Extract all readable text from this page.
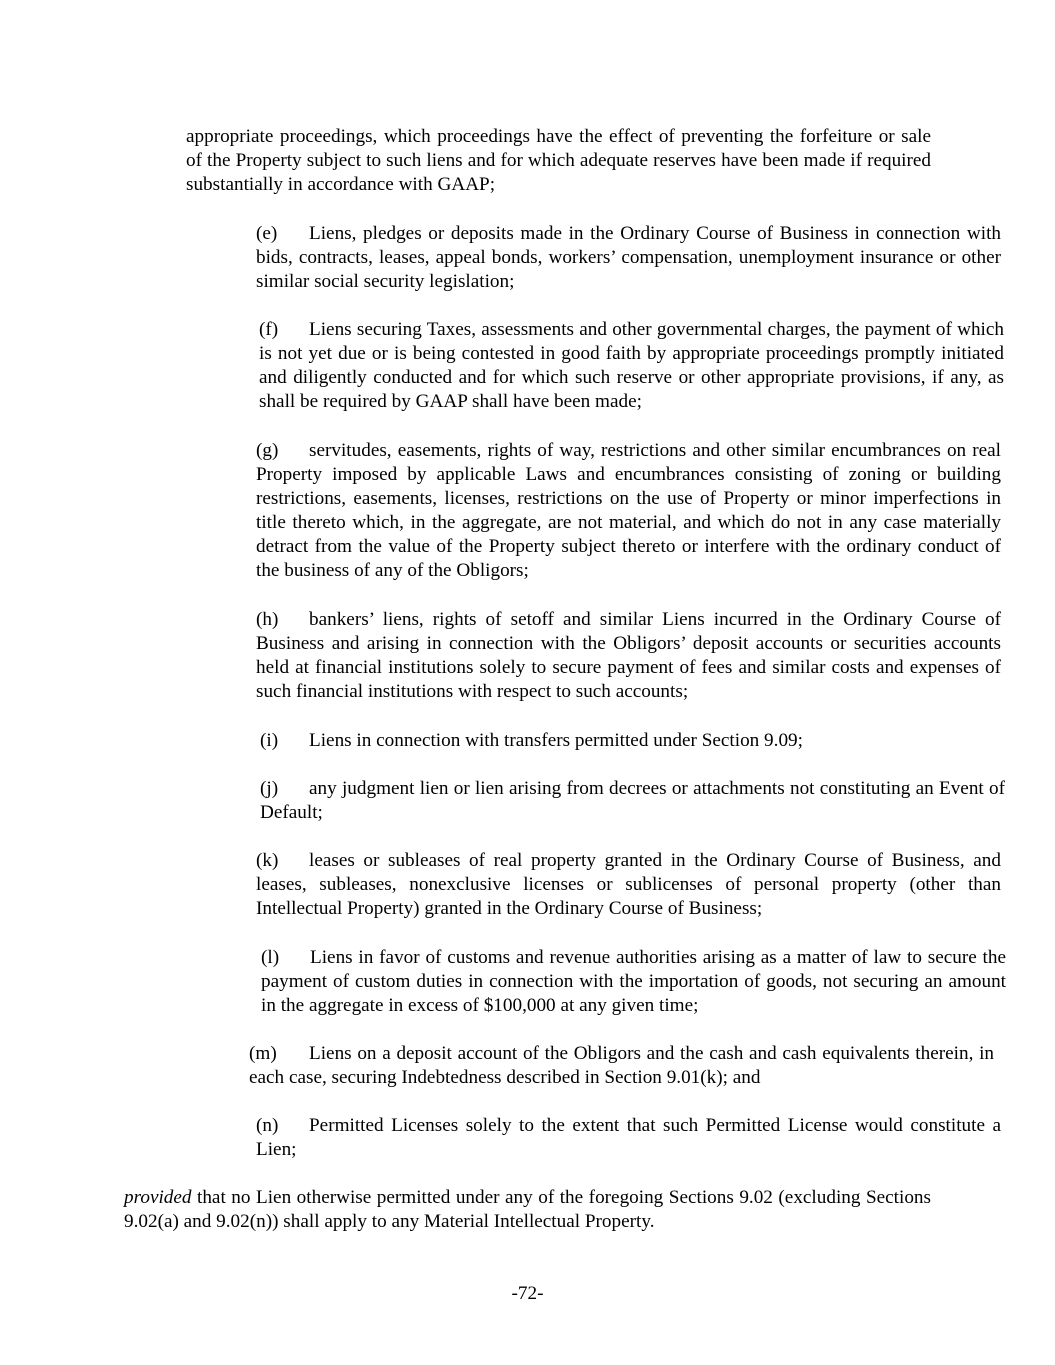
appropriate proceedings, which proceedings have the effect of preventing the forfeiture or sale of the Property subject to such liens and for which adequate reserves have been made if required substantially in accordance with GAAP;

(e) Liens, pledges or deposits made in the Ordinary Course of Business in connection with bids, contracts, leases, appeal bonds, workers’ compensation, unemployment insurance or other similar social security legislation;

(f) Liens securing Taxes, assessments and other governmental charges, the payment of which is not yet due or is being contested in good faith by appropriate proceedings promptly initiated and diligently conducted and for which such reserve or other appropriate provisions, if any, as shall be required by GAAP shall have been made;

(g) servitudes, easements, rights of way, restrictions and other similar encumbrances on real Property imposed by applicable Laws and encumbrances consisting of zoning or building restrictions, easements, licenses, restrictions on the use of Property or minor imperfections in title thereto which, in the aggregate, are not material, and which do not in any case materially detract from the value of the Property subject thereto or interfere with the ordinary conduct of the business of any of the Obligors;

(h) bankers’ liens, rights of setoff and similar Liens incurred in the Ordinary Course of Business and arising in connection with the Obligors’ deposit accounts or securities accounts held at financial institutions solely to secure payment of fees and similar costs and expenses of such financial institutions with respect to such accounts;

(i) Liens in connection with transfers permitted under Section 9.09;

(j) any judgment lien or lien arising from decrees or attachments not constituting an Event of Default;

(k) leases or subleases of real property granted in the Ordinary Course of Business, and leases, subleases, nonexclusive licenses or sublicenses of personal property (other than Intellectual Property) granted in the Ordinary Course of Business;

(l) Liens in favor of customs and revenue authorities arising as a matter of law to secure the payment of custom duties in connection with the importation of goods, not securing an amount in the aggregate in excess of $100,000 at any given time;

(m) Liens on a deposit account of the Obligors and the cash and cash equivalents therein, in each case, securing Indebtedness described in Section 9.01(k); and

(n) Permitted Licenses solely to the extent that such Permitted License would constitute a Lien;

provided that no Lien otherwise permitted under any of the foregoing Sections 9.02 (excluding Sections 9.02(a) and 9.02(n)) shall apply to any Material Intellectual Property.

-72-
